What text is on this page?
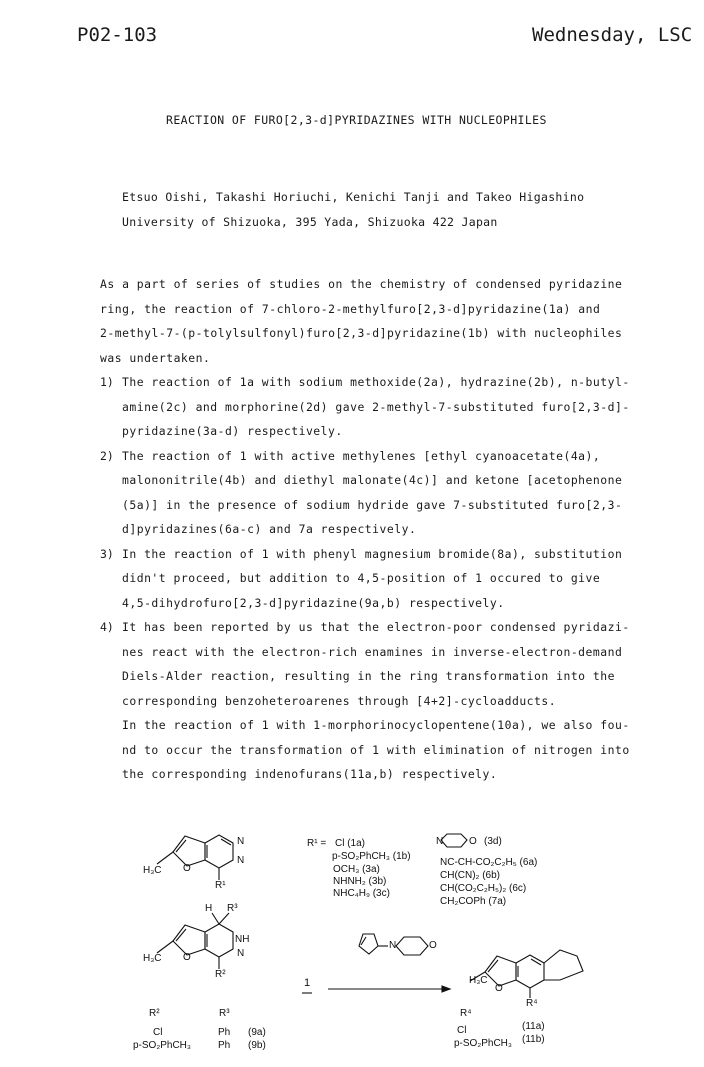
P02-103	Wednesday, LSC
REACTION OF FURO[2,3-d]PYRIDAZINES WITH NUCLEOPHILES
Etsuo Oishi, Takashi Horiuchi, Kenichi Tanji and Takeo Higashino
University of Shizuoka, 395 Yada, Shizuoka 422 Japan
As a part of series of studies on the chemistry of condensed pyridazine
ring, the reaction of 7-chloro-2-methylfuro[2,3-d]pyridazine(1a) and
2-methyl-7-(p-tolylsulfonyl)furo[2,3-d]pyridazine(1b) with nucleophiles
was undertaken.
1) The reaction of 1a with sodium methoxide(2a), hydrazine(2b), n-butyl-
amine(2c) and morphorine(2d) gave 2-methyl-7-substituted furo[2,3-d]-
pyridazine(3a-d) respectively.
2) The reaction of 1 with active methylenes [ethyl cyanoacetate(4a),
malononitrile(4b) and diethyl malonate(4c)] and ketone [acetophenone
(5a)] in the presence of sodium hydride gave 7-substituted furo[2,3-
d]pyridazines(6a-c) and 7a respectively.
3) In the reaction of 1 with phenyl magnesium bromide(8a), substitution
didn't proceed, but addition to 4,5-position of 1 occured to give
4,5-dihydrofuro[2,3-d]pyridazine(9a,b) respectively.
4) It has been reported by us that the electron-poor condensed pyridazi-
nes react with the electron-rich enamines in inverse-electron-demand
Diels-Alder reaction, resulting in the ring transformation into the
corresponding benzoheteroarenes through [4+2]-cycloadducts.
In the reaction of 1 with 1-morphorinocyclopentene(10a), we also fou-
nd to occur the transformation of 1 with elimination of nitrogen into
the corresponding indenofurans(11a,b) respectively.
H₃C O
N
N
R¹
H R³
NH
N
H₃C O
R²
R¹ = Cl (1a)
p-SO₂PhCH₃ (1b)
OCH₃ (3a)
NHNH₂ (3b)
NHC₄H₉ (3c)
N	O (3d)
NC-CH-CO₂C₂H₅ (6a)
CH(CN)₂ (6b)
CH(CO₂C₂H₅)₂ (6c)
CH₂COPh (7a)
N	O
1	H₃C
O
R⁴
R²	R³
Cl	Ph (9a)
p-SO₂PhCH₃	Ph (9b)
R⁴
Cl	(11a)
p-SO₂PhCH₃ (11b)
